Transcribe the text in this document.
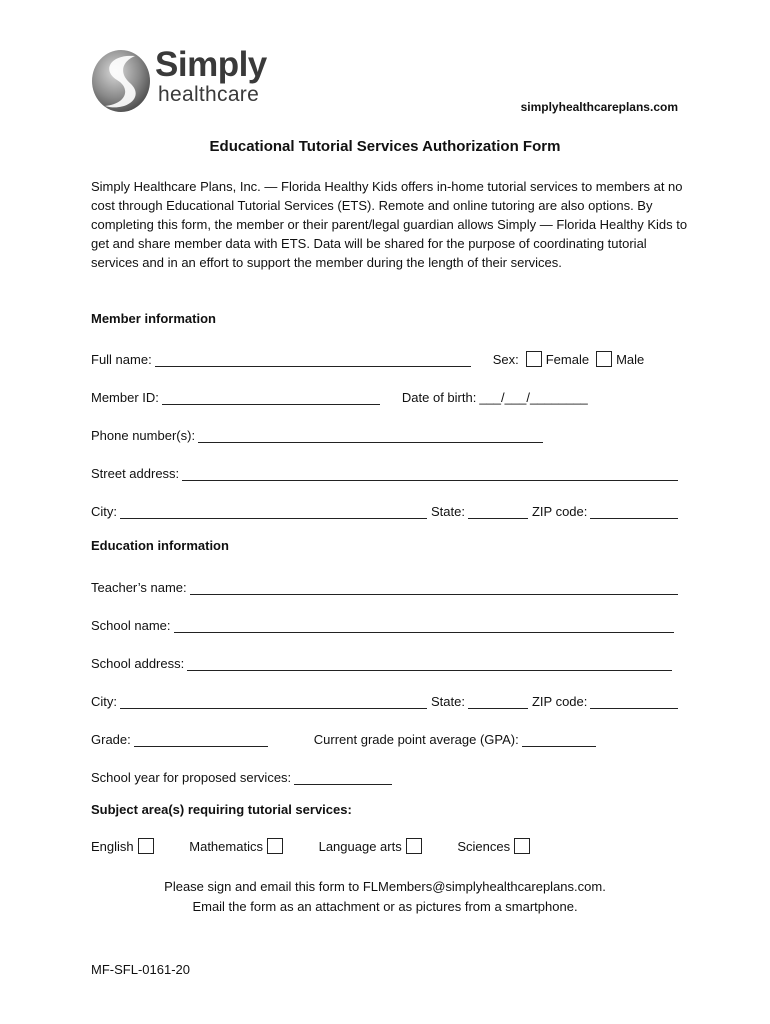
Simply
healthcare
simplyhealthcareplans.com
Educational Tutorial Services Authorization Form
Simply Healthcare Plans, Inc. — Florida Healthy Kids offers in-home tutorial services to members at no cost through Educational Tutorial Services (ETS). Remote and online tutoring are also options. By completing this form, the member or their parent/legal guardian allows Simply — Florida Healthy Kids to get and share member data with ETS. Data will be shared for the purpose of coordinating tutorial services and in an effort to support the member during the length of their services.
Member information
Full name:	Sex: Female Male
Member ID:	Date of birth: ___/___/________
Phone number(s):
Street address:
City:	State:	ZIP code:
Education information
Teacher’s name:
School name:
School address:
City:	State:	ZIP code:
Grade:	Current grade point average (GPA):
School year for proposed services:
Subject area(s) requiring tutorial services:
English	Mathematics	Language arts	Sciences
Please sign and email this form to FLMembers@simplyhealthcareplans.com.
Email the form as an attachment or as pictures from a smartphone.
MF-SFL-0161-20
